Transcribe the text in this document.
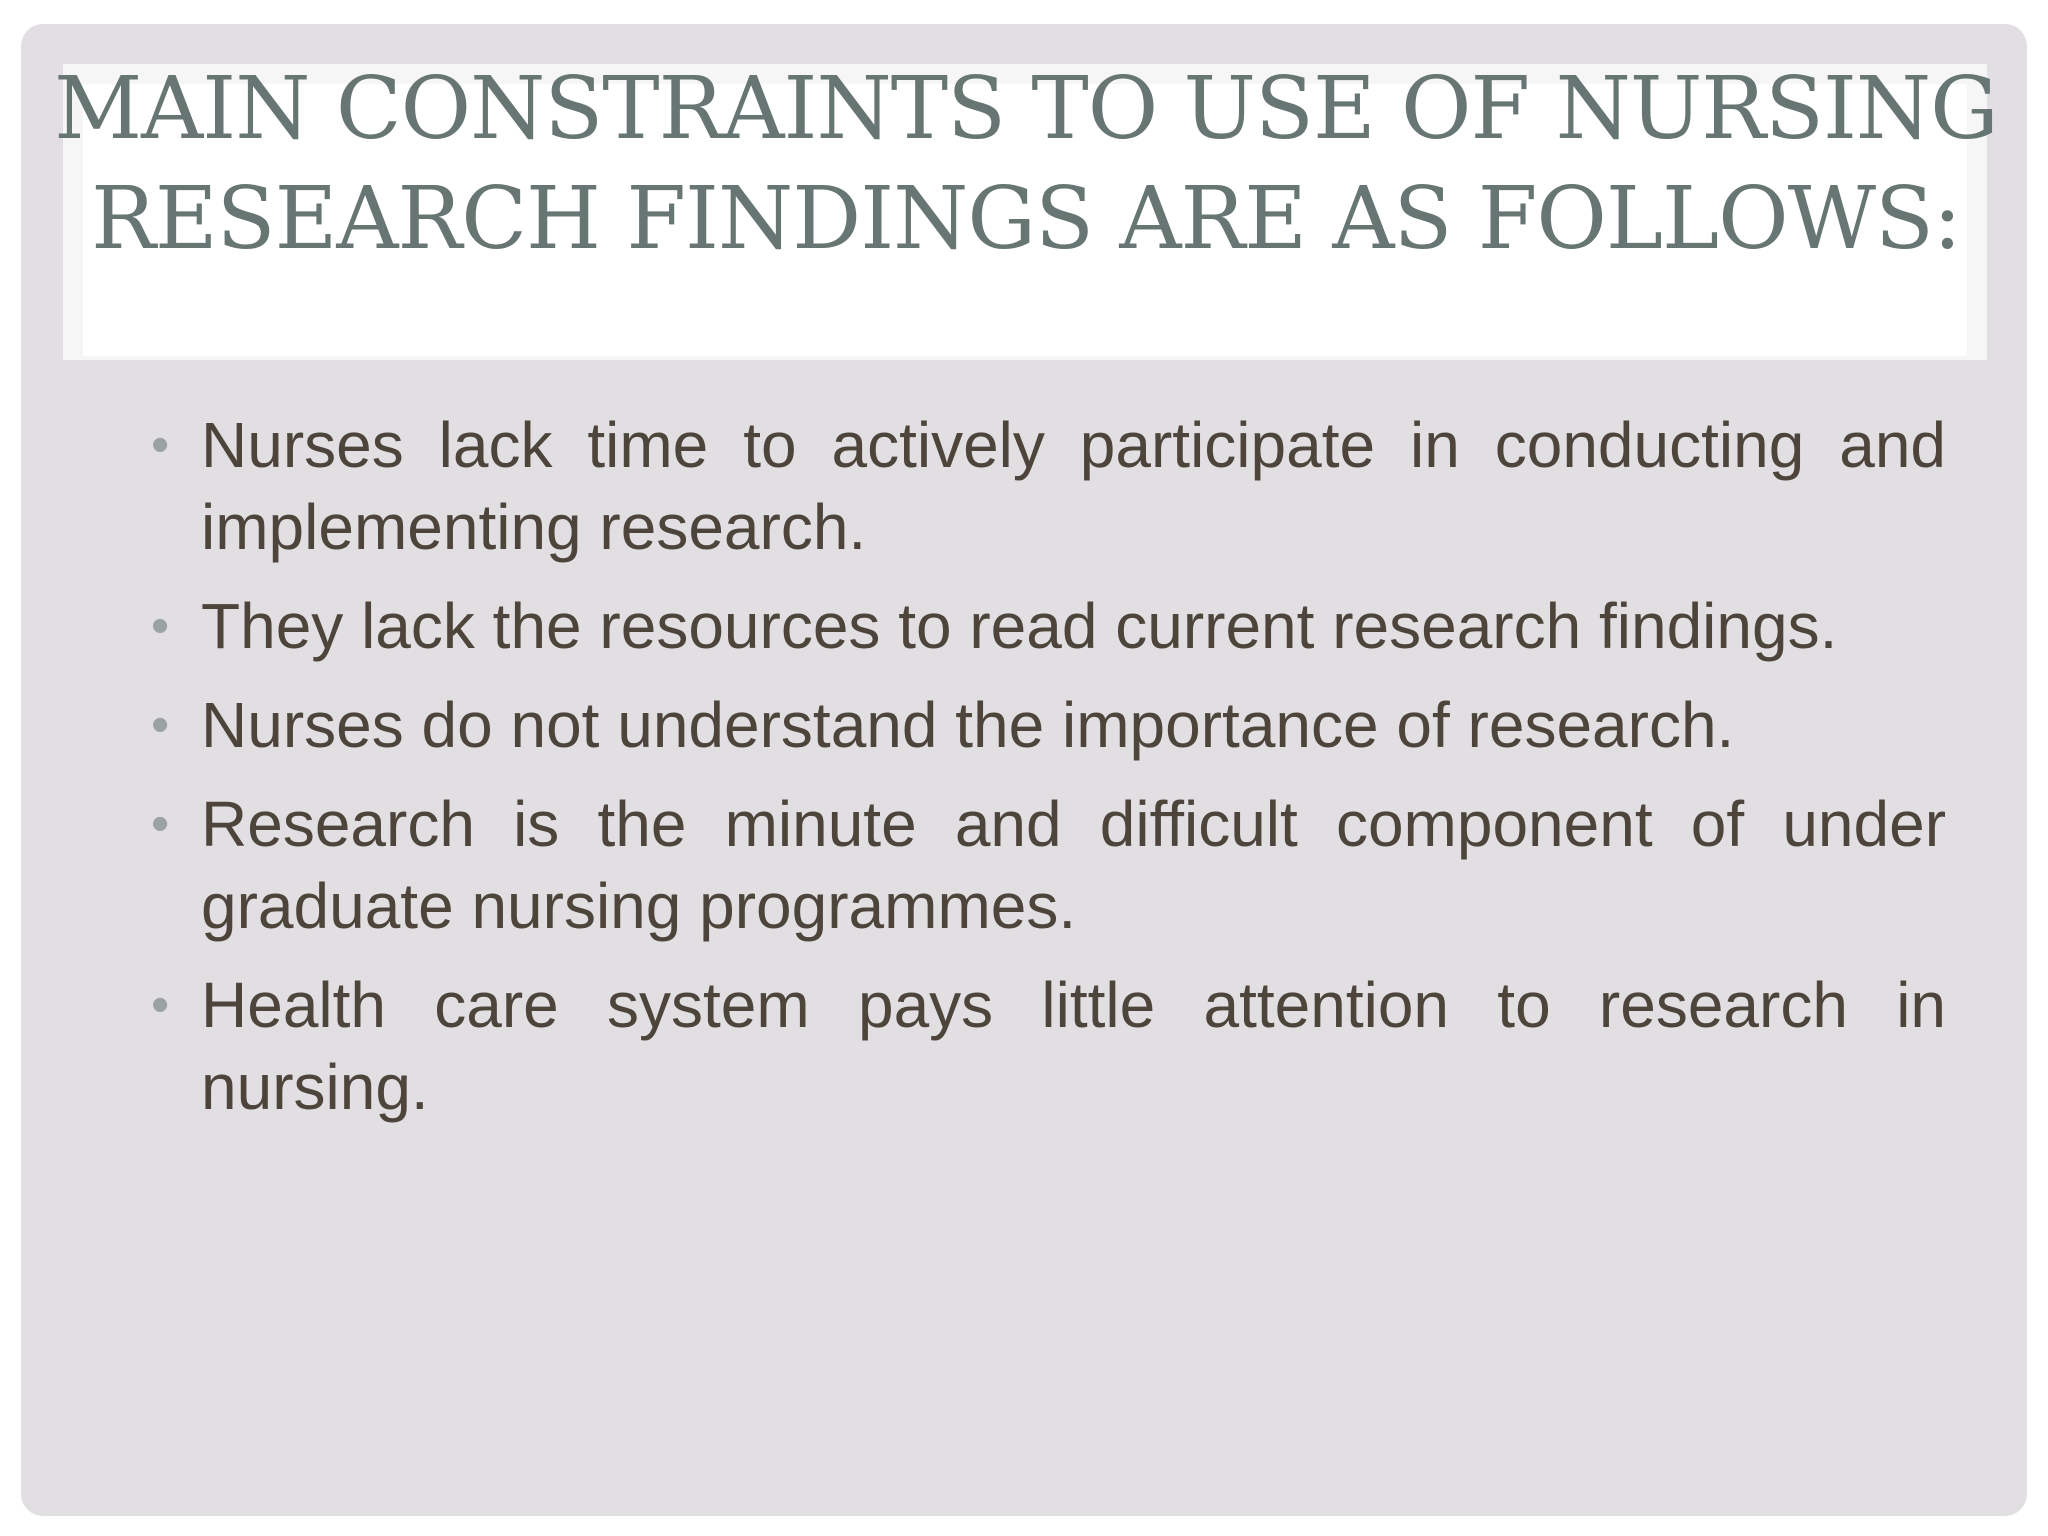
MAIN CONSTRAINTS TO USE OF NURSING RESEARCH FINDINGS ARE AS FOLLOWS:
• Nurses lack time to actively participate in conducting and implementing research.
• They lack the resources to read current research findings.
• Nurses do not understand the importance of research.
• Research is the minute and difficult component of under graduate nursing programmes.
• Health care system pays little attention to research in nursing.
